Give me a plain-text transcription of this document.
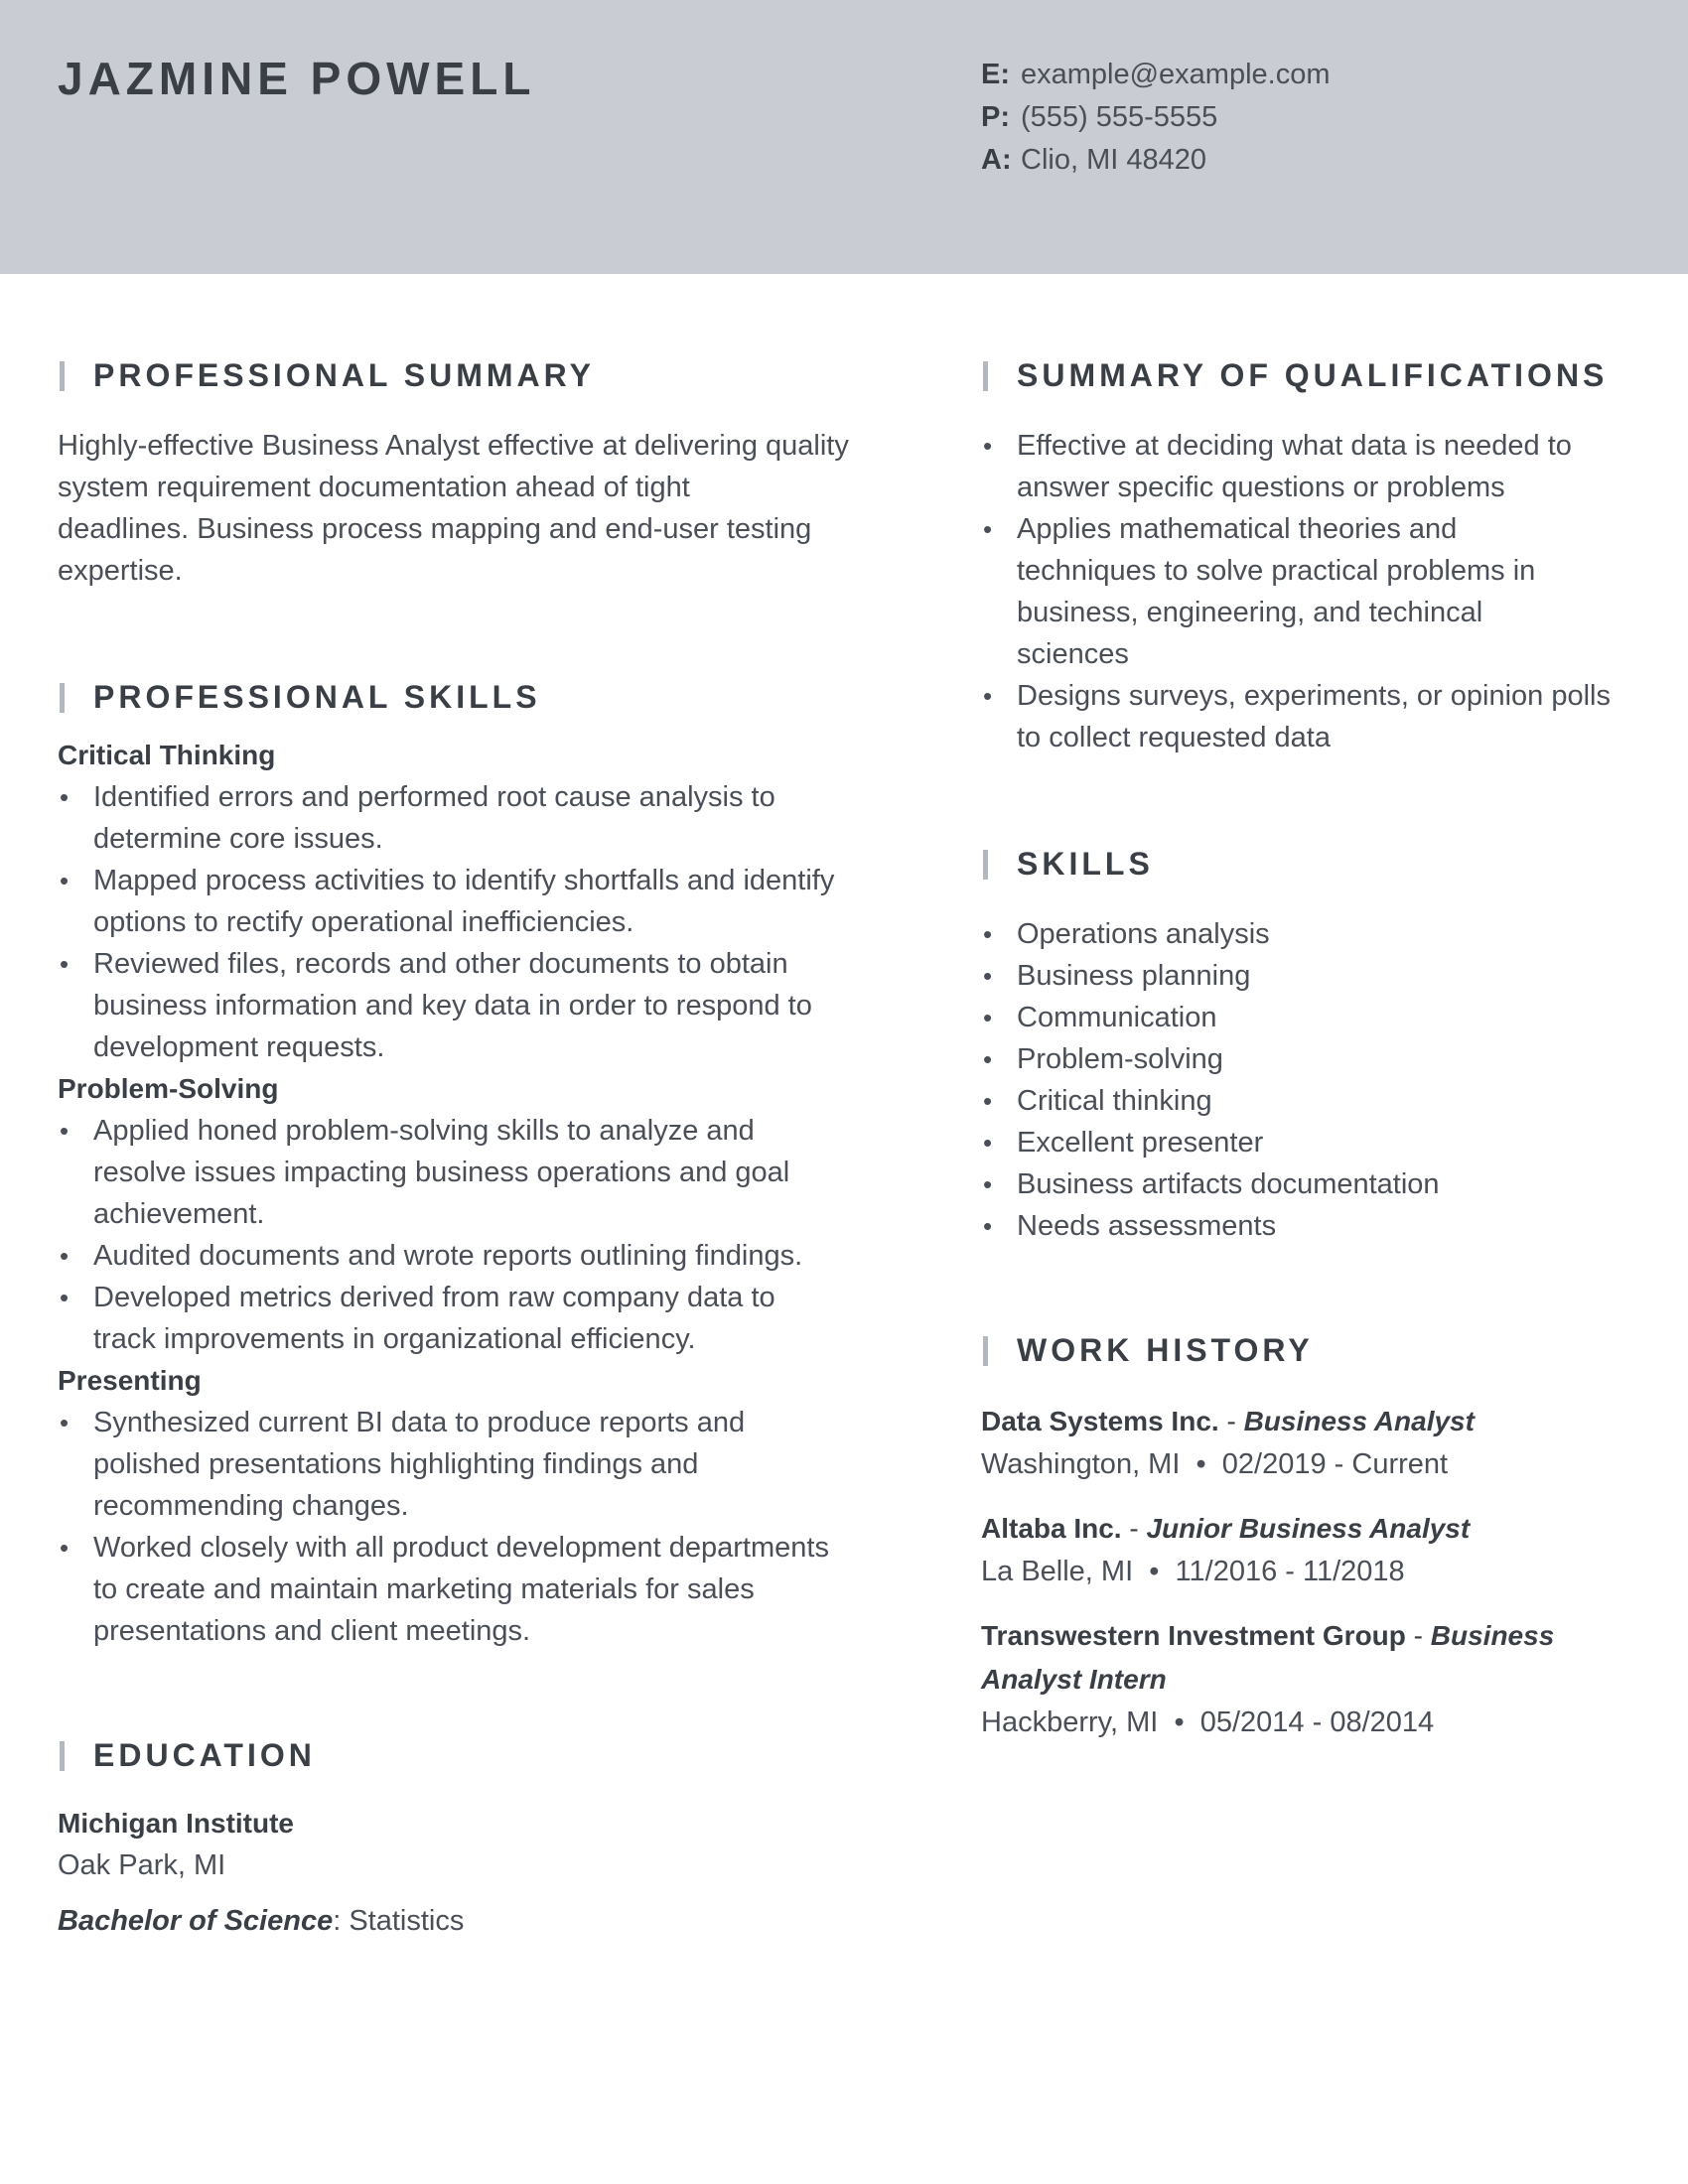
JAZMINE POWELL	E: example@example.com
P: (555) 555-5555
A: Clio, MI 48420
PROFESSIONAL SUMMARY
Highly-effective Business Analyst effective at delivering quality
system requirement documentation ahead of tight
deadlines. Business process mapping and end-user testing
expertise.
PROFESSIONAL SKILLS
Critical Thinking
• Identified errors and performed root cause analysis to
determine core issues.
• Mapped process activities to identify shortfalls and identify
options to rectify operational inefficiencies.
• Reviewed files, records and other documents to obtain
business information and key data in order to respond to
development requests.
Problem-Solving
• Applied honed problem-solving skills to analyze and
resolve issues impacting business operations and goal
achievement.
• Audited documents and wrote reports outlining findings.
• Developed metrics derived from raw company data to
track improvements in organizational efficiency.
Presenting
• Synthesized current BI data to produce reports and
polished presentations highlighting findings and
recommending changes.
• Worked closely with all product development departments
to create and maintain marketing materials for sales
presentations and client meetings.
EDUCATION
Michigan Institute
Oak Park, MI
Bachelor of Science: Statistics
SUMMARY OF QUALIFICATIONS
• Effective at deciding what data is needed to
answer specific questions or problems
• Applies mathematical theories and
techniques to solve practical problems in
business, engineering, and techincal
sciences
• Designs surveys, experiments, or opinion polls
to collect requested data
SKILLS
• Operations analysis
• Business planning
• Communication
• Problem-solving
• Critical thinking
• Excellent presenter
• Business artifacts documentation
• Needs assessments
WORK HISTORY
Data Systems Inc. - Business Analyst
Washington, MI  •  02/2019 - Current
Altaba Inc. - Junior Business Analyst
La Belle, MI  •  11/2016 - 11/2018
Transwestern Investment Group - Business
Analyst Intern
Hackberry, MI  •  05/2014 - 08/2014
